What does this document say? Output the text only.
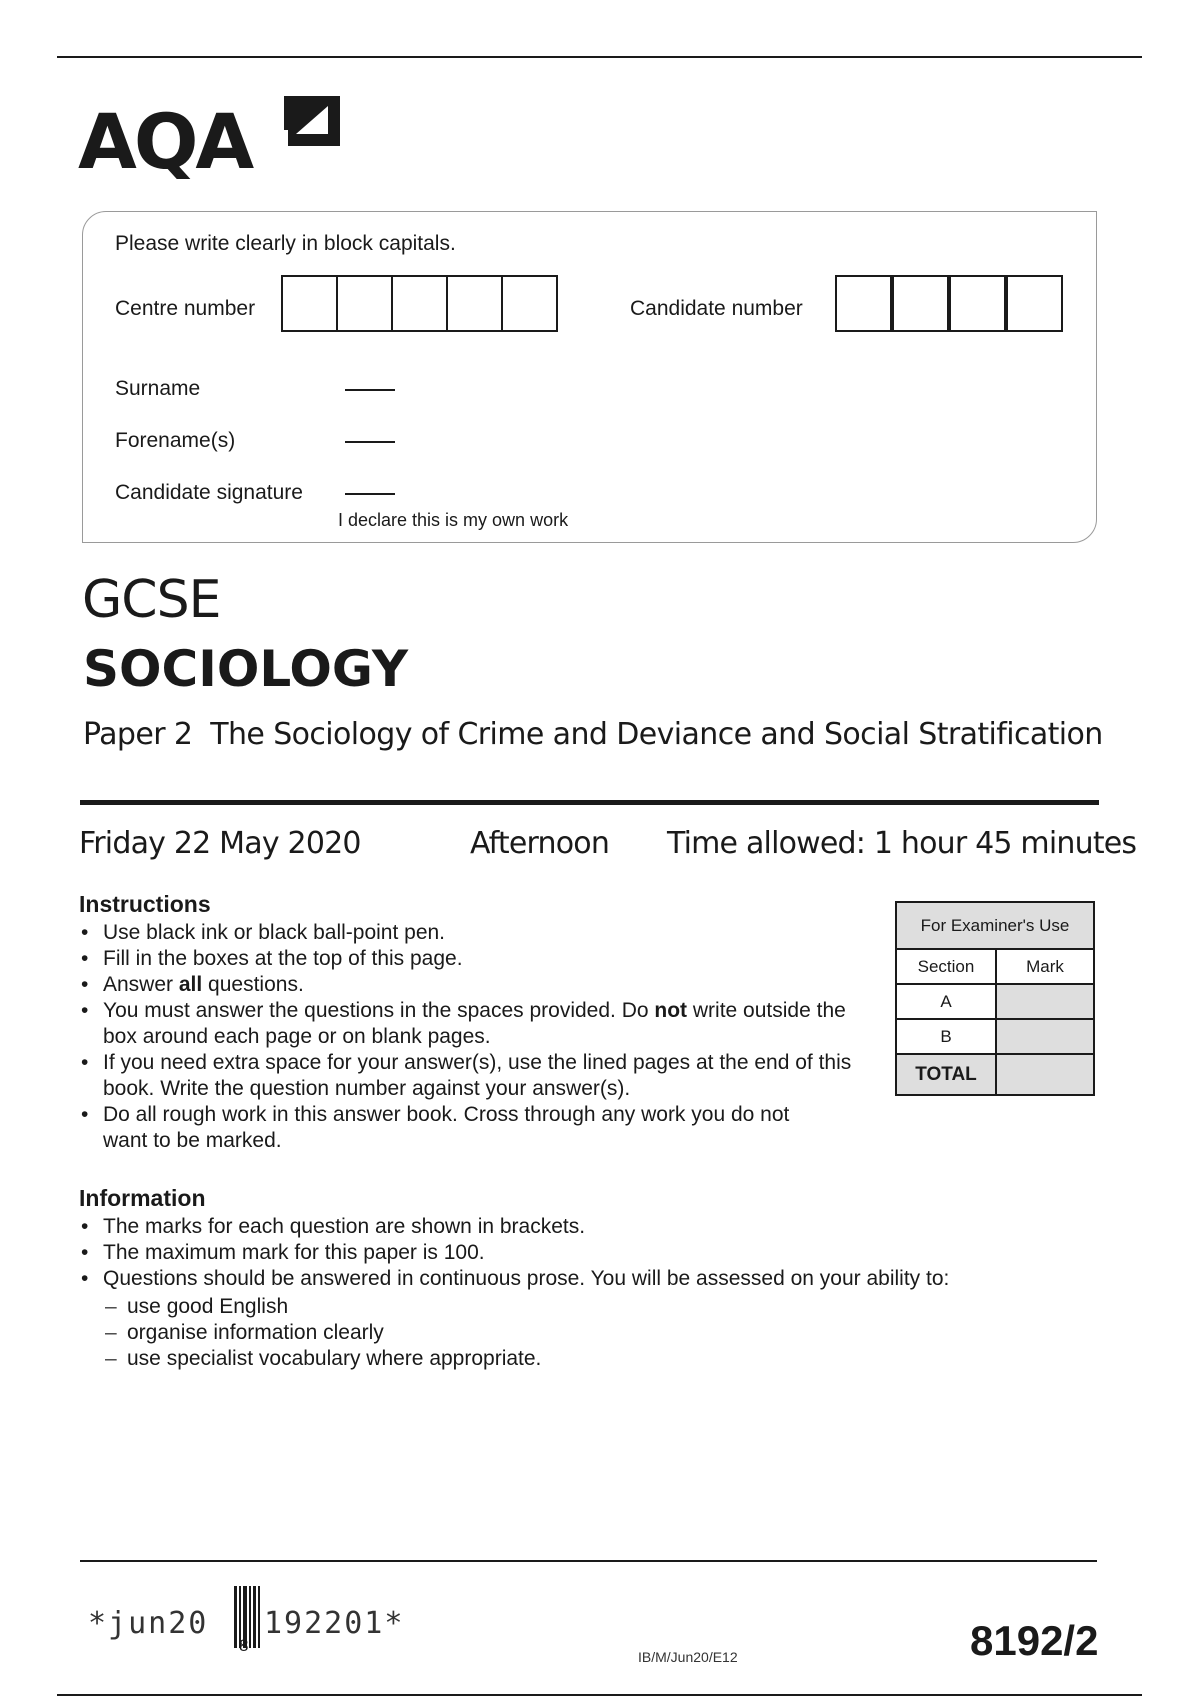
AQA
Please write clearly in block capitals.
Centre number	Candidate number
Surname
Forename(s)
Candidate signature
I declare this is my own work
GCSE
SOCIOLOGY
Paper 2 The Sociology of Crime and Deviance and Social Stratification
Friday 22 May 2020	Afternoon Time allowed: 1 hour 45 minutes
Instructions
• Use black ink or black ball-point pen.
• Fill in the boxes at the top of this page.
• Answer all questions.
• You must answer the questions in the spaces provided. Do not write outside the box around each page or on blank pages.
• If you need extra space for your answer(s), use the lined pages at the end of this book. Write the question number against your answer(s).
• Do all rough work in this answer book. Cross through any work you do not want to be marked.
For Examiner's Use	
Section	Mark
A	
B	
TOTAL	
Information
• The marks for each question are shown in brackets.
• The maximum mark for this paper is 100.
• Questions should be answered in continuous prose. You will be assessed on your ability to:
– use good English
– organise information clearly
– use specialist vocabulary where appropriate.
*jun20 192201*
8
IB/M/Jun20/E12	8192/2
